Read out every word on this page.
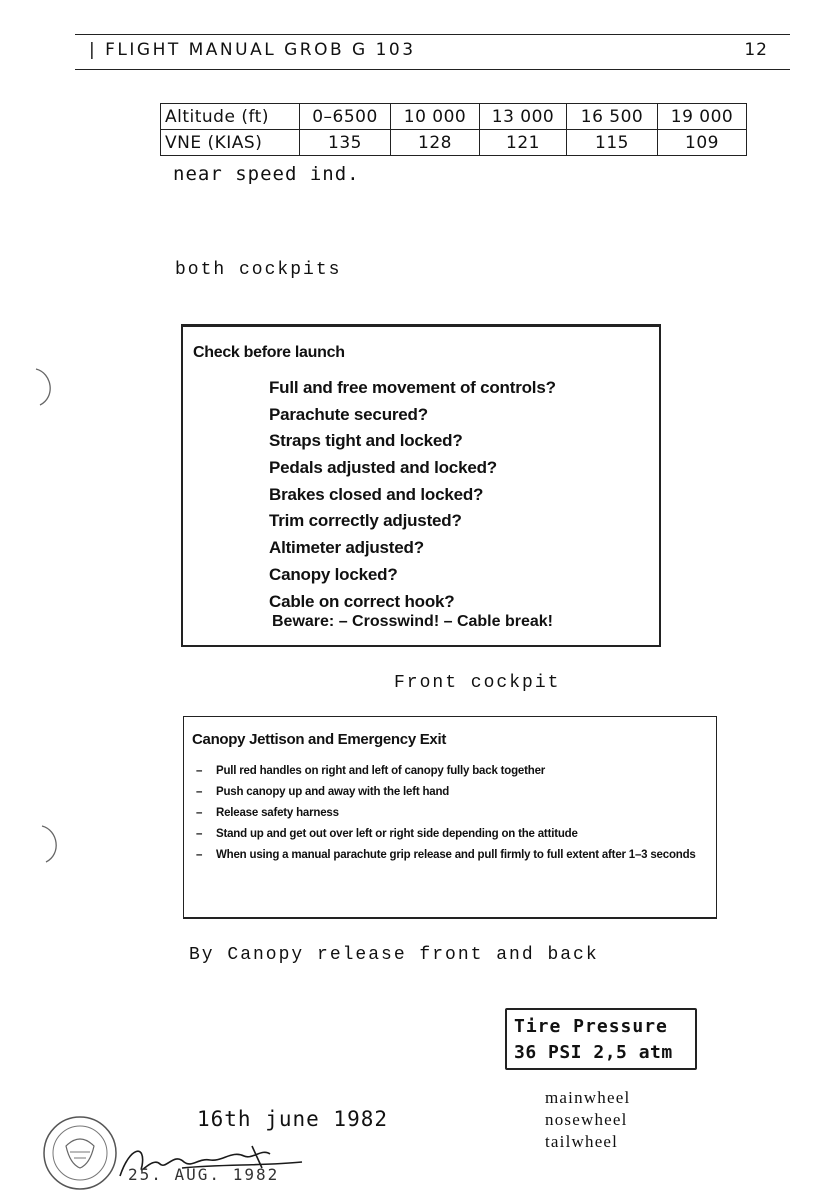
| FLIGHT MANUAL GROB G 103	12
Altitude (ft)	0–6500	10 000	13 000	16 500	19 000
VNE (KIAS)	135	128	121	115	109
near speed ind.
both cockpits
Check before launch
Full and free movement of controls?
Parachute secured?
Straps tight and locked?
Pedals adjusted and locked?
Brakes closed and locked?
Trim correctly adjusted?
Altimeter adjusted?
Canopy locked?
Cable on correct hook?
Beware: – Crosswind! – Cable break!
Front cockpit
Canopy Jettison and Emergency Exit
– Pull red handles on right and left of canopy fully back together
– Push canopy up and away with the left hand
– Release safety harness
– Stand up and get out over left or right side depending on the attitude
– When using a manual parachute grip release and pull firmly to full extent after 1–3 seconds
By Canopy release front and back
Tire Pressure
36 PSI 2,5 atm
mainwheel
nosewheel
tailwheel
16th june 1982
25. AUG. 1982
